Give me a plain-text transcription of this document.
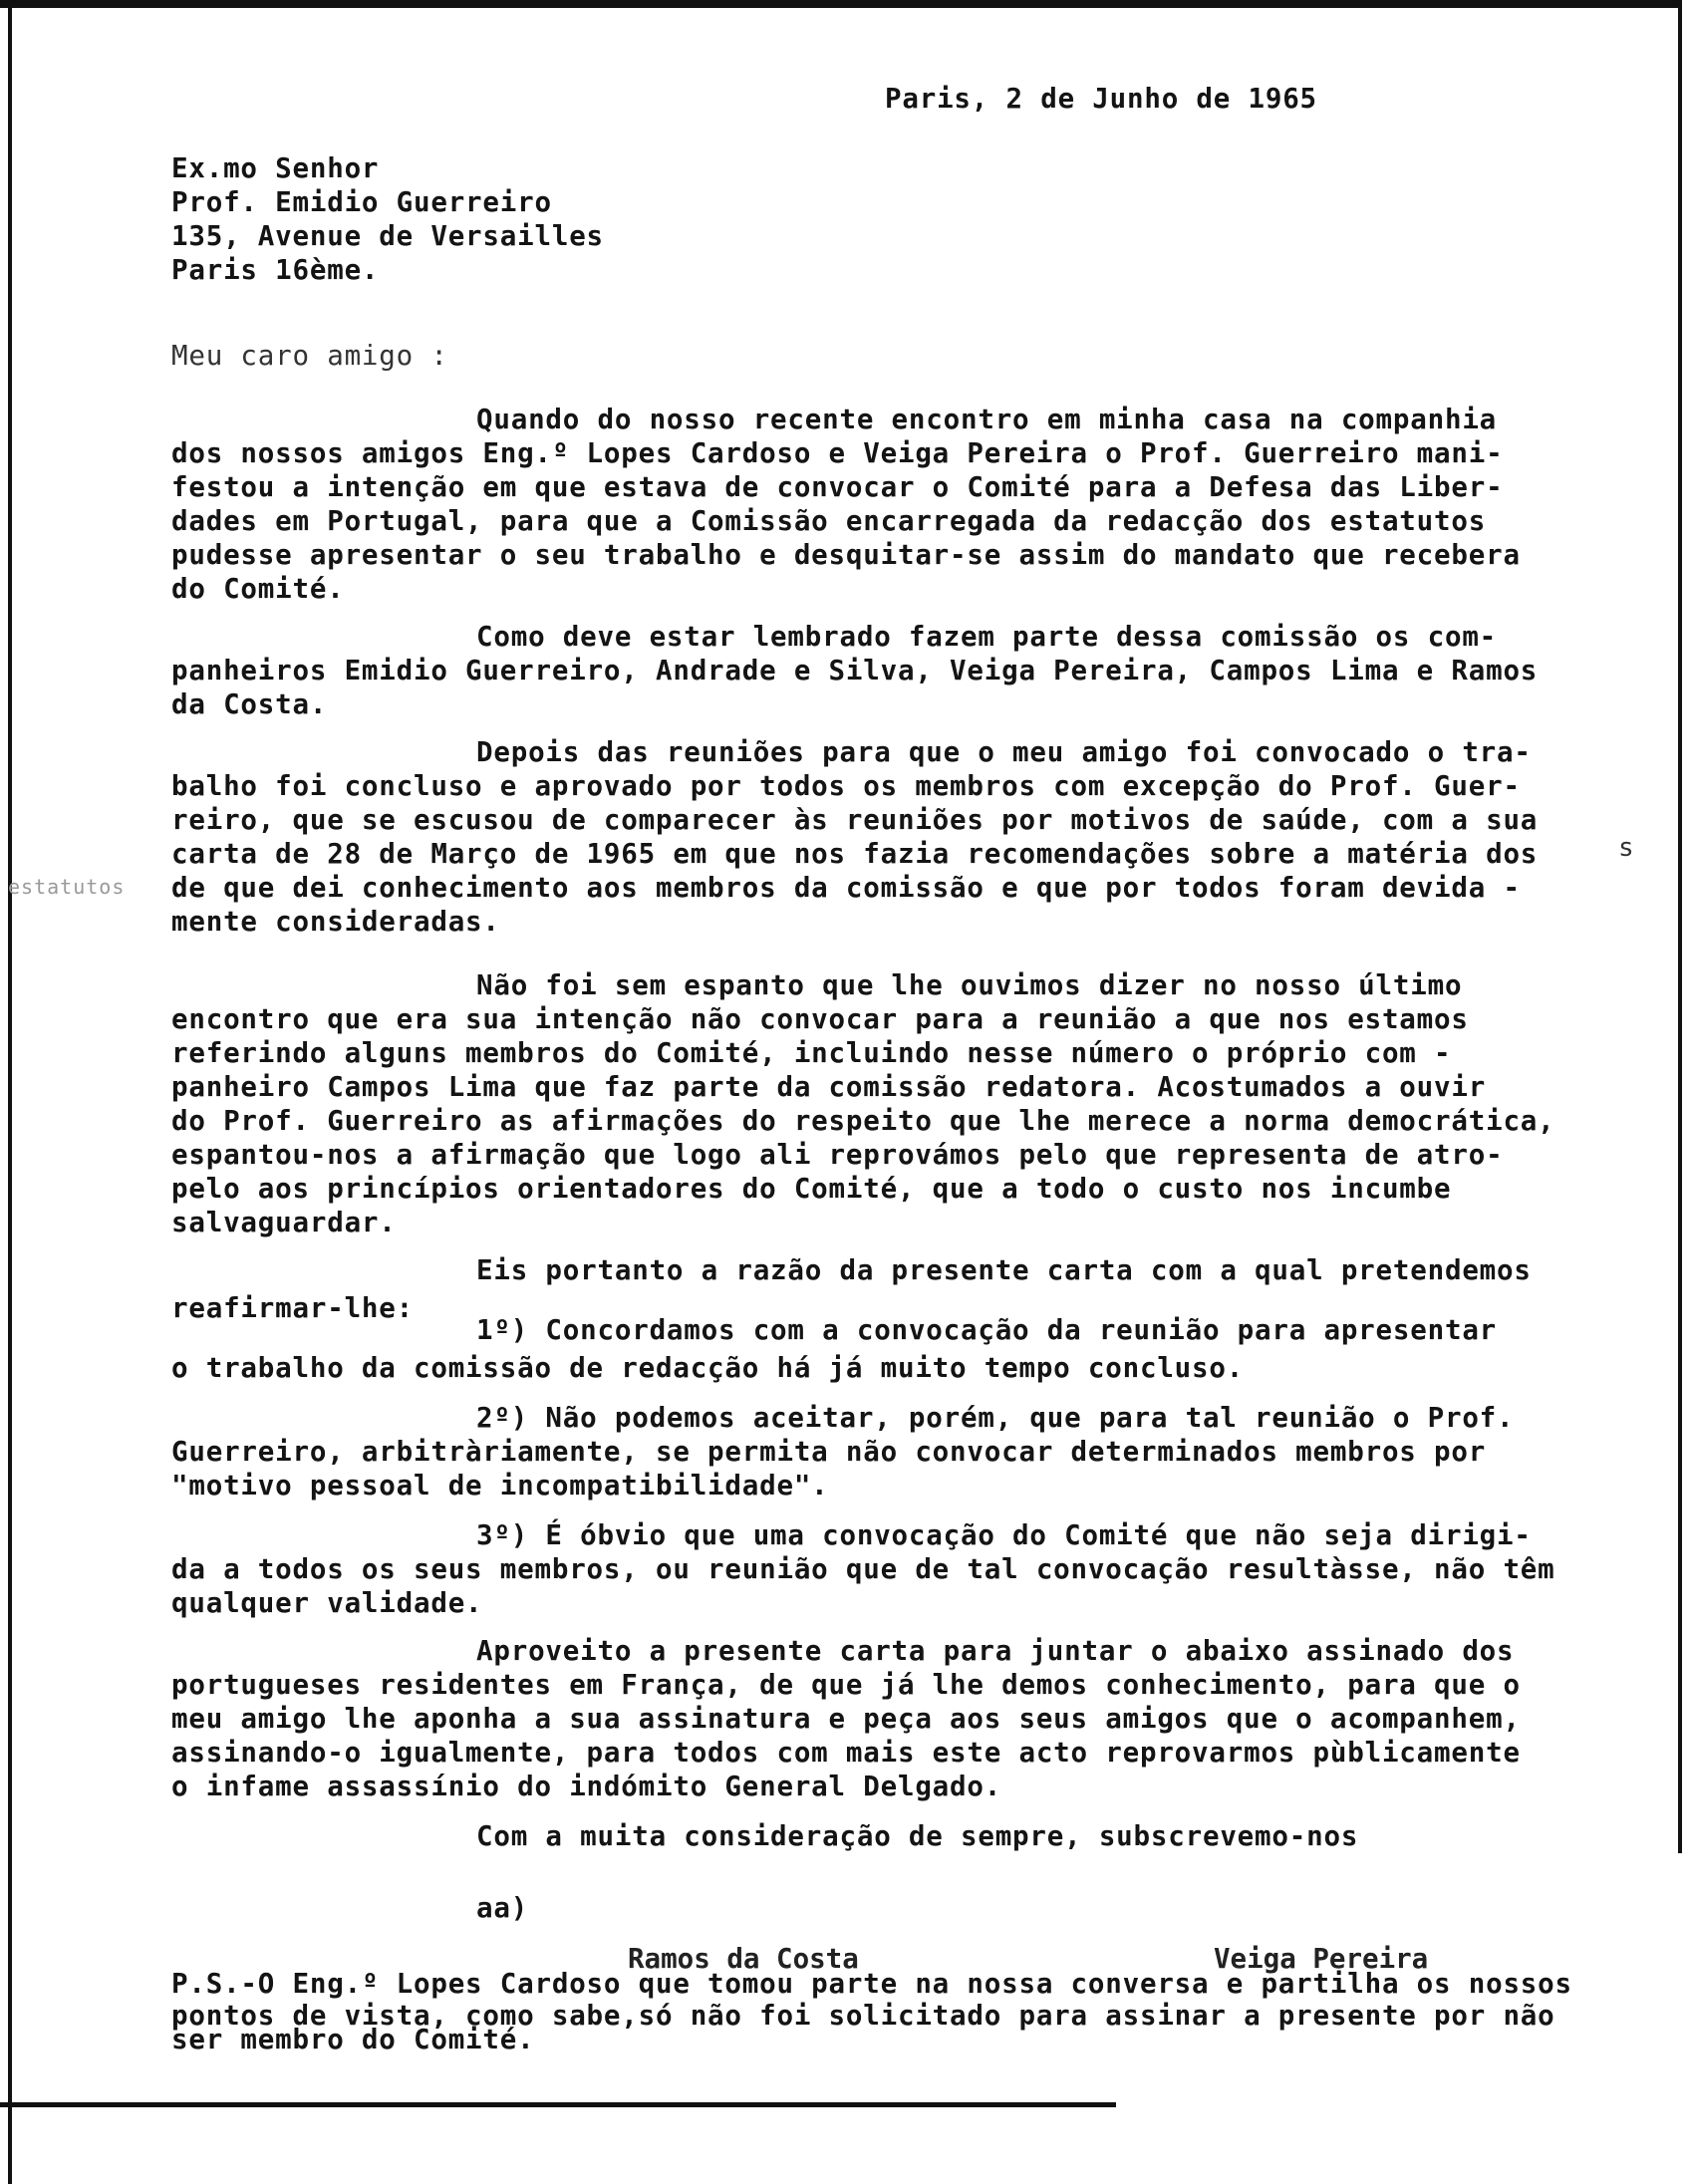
Paris, 2 de Junho de 1965
Ex.mo Senhor
Prof. Emidio Guerreiro
135, Avenue de Versailles
Paris 16ème.
Meu caro amigo :
Quando do nosso recente encontro em minha casa na companhia
dos nossos amigos Eng.º Lopes Cardoso e Veiga Pereira o Prof. Guerreiro mani-
festou a intenção em que estava de convocar o Comité para a Defesa das Liber-
dades em Portugal, para que a Comissão encarregada da redacção dos estatutos
pudesse apresentar o seu trabalho e desquitar-se assim do mandato que recebera
do Comité.
Como deve estar lembrado fazem parte dessa comissão os com-
panheiros Emidio Guerreiro, Andrade e Silva, Veiga Pereira, Campos Lima e Ramos
da Costa.
Depois das reuniões para que o meu amigo foi convocado o tra-
balho foi concluso e aprovado por todos os membros com excepção do Prof. Guer-
reiro, que se escusou de comparecer às reuniões por motivos de saúde, com a sua
carta de 28 de Março de 1965 em que nos fazia recomendações sobre a matéria dos
de que dei conhecimento aos membros da comissão e que por todos foram devida -
mente consideradas.
estatutos
s
Não foi sem espanto que lhe ouvimos dizer no nosso último
encontro que era sua intenção não convocar para a reunião a que nos estamos
referindo alguns membros do Comité, incluindo nesse número o próprio com -
panheiro Campos Lima que faz parte da comissão redatora. Acostumados a ouvir
do Prof. Guerreiro as afirmações do respeito que lhe merece a norma democrática,
espantou-nos a afirmação que logo ali reprovámos pelo que representa de atro-
pelo aos princípios orientadores do Comité, que a todo o custo nos incumbe
salvaguardar.
Eis portanto a razão da presente carta com a qual pretendemos
reafirmar-lhe:
1º) Concordamos com a convocação da reunião para apresentar
o trabalho da comissão de redacção há já muito tempo concluso.
2º) Não podemos aceitar, porém, que para tal reunião o Prof.
Guerreiro, arbitràriamente, se permita não convocar determinados membros por
"motivo pessoal de incompatibilidade".
3º) É óbvio que uma convocação do Comité que não seja dirigi-
da a todos os seus membros, ou reunião que de tal convocação resultàsse, não têm
qualquer validade.
Aproveito a presente carta para juntar o abaixo assinado dos
portugueses residentes em França, de que já lhe demos conhecimento, para que o
meu amigo lhe aponha a sua assinatura e peça aos seus amigos que o acompanhem,
assinando-o igualmente, para todos com mais este acto reprovarmos pùblicamente
o infame assassínio do indómito General Delgado.
Com a muita consideração de sempre, subscrevemo-nos
aa)
Ramos da Costa	Veiga Pereira
P.S.-O Eng.º Lopes Cardoso que tomou parte na nossa conversa e partilha os nossos
pontos de vista, como sabe,só não foi solicitado para assinar a presente por não
ser membro do Comité.
